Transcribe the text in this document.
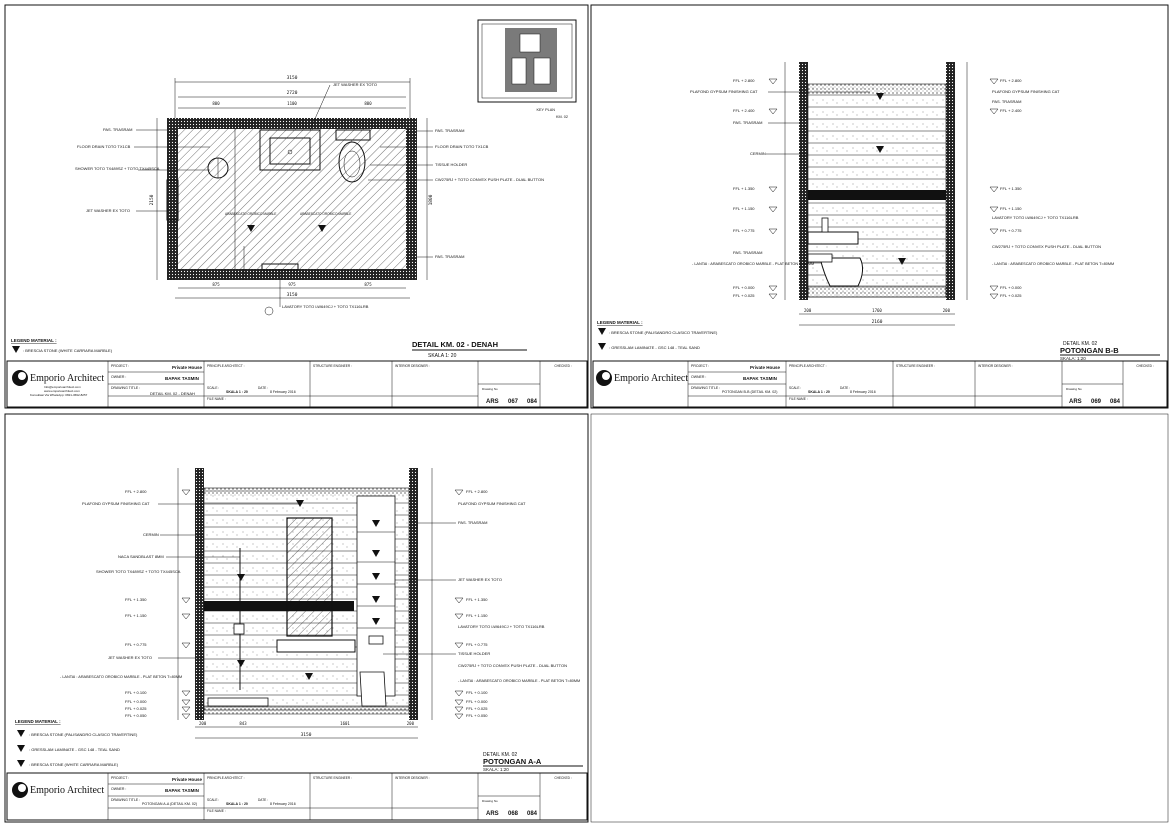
KEY PLAN
KM. 02
ARABESCATO OROBICO MARBLE	ARABESCATO OROBICO MARBLE
3150
2720
800	1100	800
875	975	875
3150
2150	1800
PAS. TRASRAM
FLOOR DRAIN TOTO TX1CB
SHOWER TOTO TX489SZ + TOTO TX445SCA
JET WASHER EX TOTO
JET WASHER EX TOTO
PAS. TRASRAM
FLOOR DRAIN TOTO TX1CB
TISSUE HOLDER
CW275RJ + TOTO CONVEX PUSH PLATE - DUAL BUTTON
PAS. TRASRAM
LAVATORY TOTO LW649CJ + TOTO TX116LRB
LEGEND MATERIAL :
: BRESCIA STONE (WHITE CARRARA MARBLE)
DETAIL KM. 02 - DENAH
SKALA 1: 20
FFL + 2.800
FFL + 2.400
FFL + 1.350
FFL + 1.150
FFL + 0.775
FFL + 0.000
FFL + 0.025
FFL + 2.800
FFL + 2.400
FFL + 1.350
FFL + 1.150
FFL + 0.775
FFL + 0.000
FFL + 0.025
PLAFOND GYPSUM FINISHING CAT
PAS. TRASRAM
CERMIN
PAS. TRASRAM
- LANTAI : ARABESCATO OROBICO MARBLE - PLAT BETON T=80MM
PLAFOND GYPSUM FINISHING CAT
PAS. TRASRAM
LAVATORY TOTO LW649CJ + TOTO TX116LRB
CW275RJ + TOTO CONVEX PUSH PLATE - DUAL BUTTON
- LANTAI : ARABESCATO OROBICO MARBLE - PLAT BETON T=80MM
200	1760	200
2160
LEGEND MATERIAL :
: BRESCIA STONE (PALISANDRO CLASICO TRAVERTINE)
: GRESSLAM LAMINATE - GSC 148 - TEAL SAND
DETAIL KM. 02
POTONGAN B-B
SKALA: 1:20
FFL + 2.800
FFL + 1.350
FFL + 1.150
FFL + 0.775
FFL + 0.100
FFL + 0.000
FFL + 0.025
FFL + 0.050
FFL + 2.800
FFL + 1.350
FFL + 1.150
FFL + 0.775
FFL + 0.100
FFL + 0.000
FFL + 0.025
FFL + 0.050
PLAFOND GYPSUM FINISHING CAT
CERMIN
NACA SANDBLAST 8MM
SHOWER TOTO TX489SZ + TOTO TX445SCA
JET WASHER EX TOTO
- LANTAI : ARABESCATO OROBICO MARBLE - PLAT BETON T=80MM
PLAFOND GYPSUM FINISHING CAT
PAS. TRASRAM
JET WASHER EX TOTO
LAVATORY TOTO LW649CJ + TOTO TX116LRB
TISSUE HOLDER
CW275RJ + TOTO CONVEX PUSH PLATE - DUAL BUTTON
- LANTAI : ARABESCATO OROBICO MARBLE - PLAT BETON T=80MM
200	843	1601	200
3150
LEGEND MATERIAL :
: BRESCIA STONE (PALISANDRO CLASICO TRAVERTINE)
: GRESSLAM LAMINATE - GSC 148 - TEAL SAND
: BRESCIA STONE (WHITE CARRARA MARBLE)
DETAIL KM. 02
POTONGAN A-A
SKALA: 1:20
Emporio Architect
Info@emporioarchitect.com
www.emporioarchitect.com
Konsultasi Via WhatsApp: 0821-3692-8257
PROJECT :	Private House
OWNER :	BAPAK TASMIN
DRAWING TITLE :
DETAIL KM. 02 - DENAH
PRINCIPLE ARCHITECT :
SCALE :
SKALA 1 : 20
DATE :
8 February 2016
FILE NAME :
STRUCTURE ENGINEER :	INTERIOR DESIGNER :	CHECKED :
Drawing No
ARS 067 084
Emporio Architect
PROJECT :	Private House
OWNER :	BAPAK TASMIN
DRAWING TITLE :
POTONGAN B-B (DETAIL KM. 02)
PRINCIPLE ARCHITECT :
SCALE :
SKALA 1 : 20
DATE :
8 February 2016
FILE NAME :
STRUCTURE ENGINEER :	INTERIOR DESIGNER :	CHECKED :
Drawing No
ARS 069 084
Emporio Architect
PROJECT :	Private House
OWNER :	BAPAK TASMIN
DRAWING TITLE :
POTONGAN A-A (DETAIL KM. 02)
PRINCIPLE ARCHITECT :
SCALE :
SKALA 1 : 20
DATE :
8 February 2016
FILE NAME :
STRUCTURE ENGINEER :	INTERIOR DESIGNER :	CHECKED :
Drawing No
ARS 068 084
